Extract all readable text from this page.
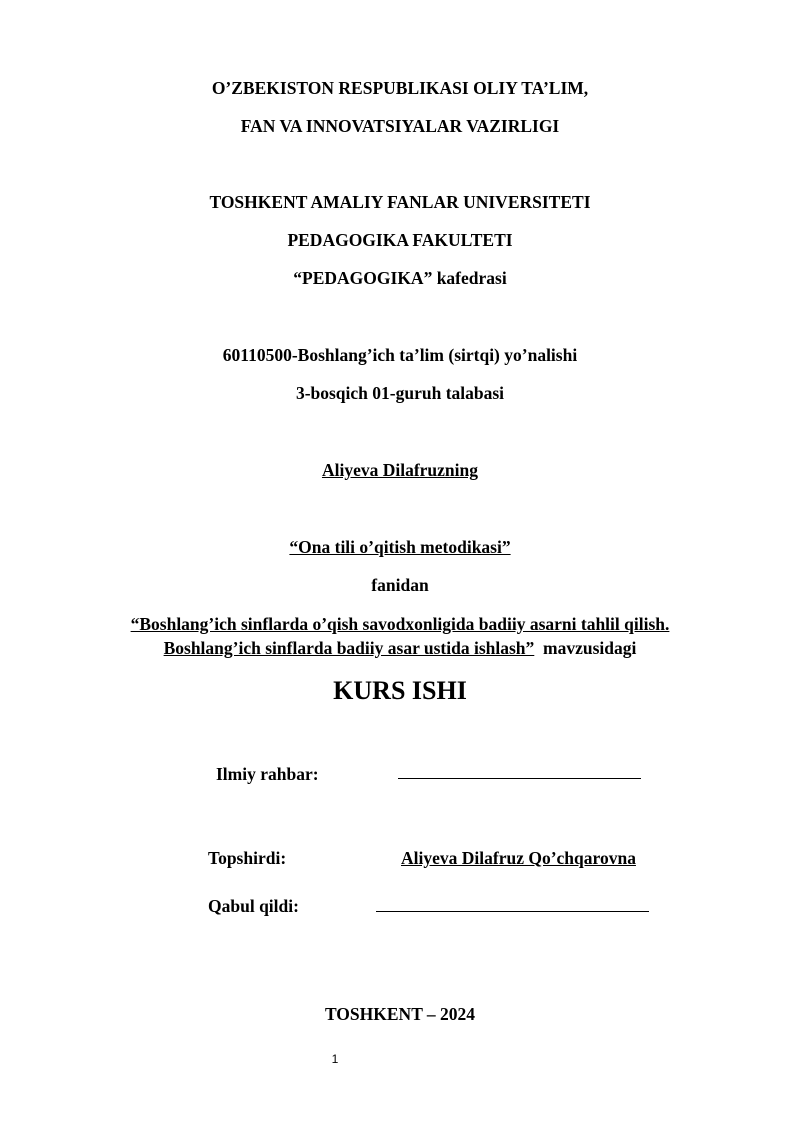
O’ZBEKISTON RESPUBLIKASI OLIY TA’LIM,
FAN VA INNOVATSIYALAR VAZIRLIGI
TOSHKENT AMALIY FANLAR UNIVERSITETI
PEDAGOGIKA FAKULTETI
“PEDAGOGIKA” kafedrasi
60110500-Boshlang’ich ta’lim (sirtqi) yo’nalishi
3-bosqich 01-guruh talabasi
Aliyeva Dilafruzning
“Ona tili o’qitish metodikasi”
fanidan
“Boshlang’ich sinflarda o’qish savodxonligida badiiy asarni tahlil qilish.
Boshlang’ich sinflarda badiiy asar ustida ishlash” mavzusidagi
KURS ISHI
Ilmiy rahbar:
Topshirdi:	Aliyeva Dilafruz Qo’chqarovna
Qabul qildi:
TOSHKENT – 2024
1
